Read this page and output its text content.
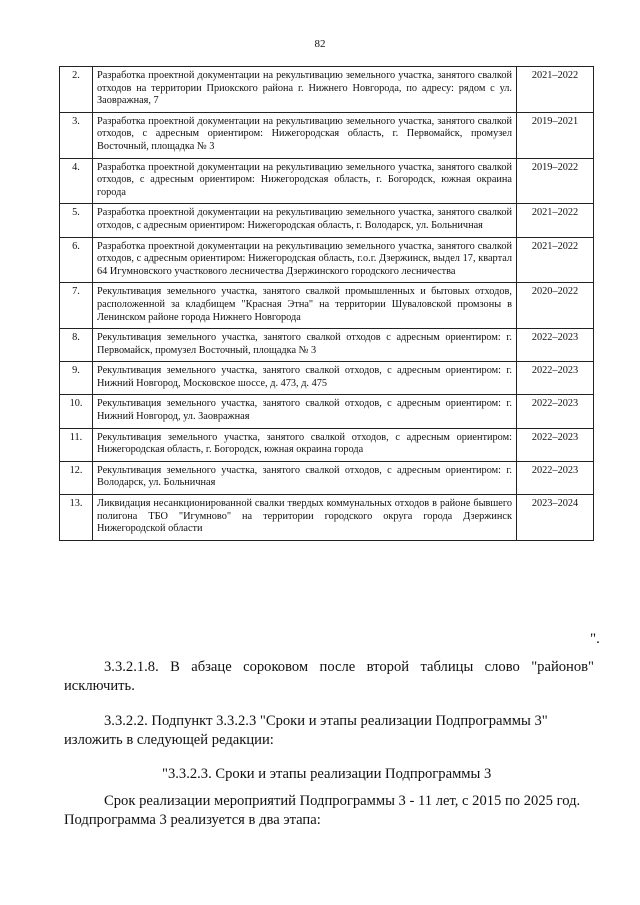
82
2.	Разработка проектной документации на рекультивацию земельного участка, занятого свалкой отходов на территории Приокского района г. Нижнего Новгорода, по адресу: рядом с ул. Заовражная, 7	2021–2022
3.	Разработка проектной документации на рекультивацию земельного участка, занятого свалкой отходов, с адресным ориентиром: Нижегородская область, г. Первомайск, промузел Восточный, площадка № 3	2019–2021
4.	Разработка проектной документации на рекультивацию земельного участка, занятого свалкой отходов, с адресным ориентиром: Нижегородская область, г. Богородск, южная окраина города	2019–2022
5.	Разработка проектной документации на рекультивацию земельного участка, занятого свалкой отходов, с адресным ориентиром: Нижегородская область, г. Володарск, ул. Больничная	2021–2022
6.	Разработка проектной документации на рекультивацию земельного участка, занятого свалкой отходов, с адресным ориентиром: Нижегородская область, г.о.г. Дзержинск, выдел 17, квартал 64 Игумновского участкового лесничества Дзержинского городского лесничества	2021–2022
7.	Рекультивация земельного участка, занятого свалкой промышленных и бытовых отходов, расположенной за кладбищем "Красная Этна" на территории Шуваловской промзоны в Ленинском районе города Нижнего Новгорода	2020–2022
8.	Рекультивация земельного участка, занятого свалкой отходов с адресным ориентиром: г. Первомайск, промузел Восточный, площадка № 3	2022–2023
9.	Рекультивация земельного участка, занятого свалкой отходов, с адресным ориентиром: г. Нижний Новгород, Московское шоссе, д. 473, д. 475	2022–2023
10.	Рекультивация земельного участка, занятого свалкой отходов, с адресным ориентиром: г. Нижний Новгород, ул. Заовражная	2022–2023
11.	Рекультивация земельного участка, занятого свалкой отходов, с адресным ориентиром: Нижегородская область, г. Богородск, южная окраина города	2022–2023
12.	Рекультивация земельного участка, занятого свалкой отходов, с адресным ориентиром: г. Володарск, ул. Больничная	2022–2023
13.	Ликвидация несанкционированной свалки твердых коммунальных отходов в районе бывшего полигона ТБО "Игумново" на территории городского округа города Дзержинск Нижегородской области	2023–2024
".
3.3.2.1.8. В абзаце сороковом после второй таблицы слово "районов" исключить.
3.3.2.2. Подпункт 3.3.2.3 "Сроки и этапы реализации Подпрограммы 3" изложить в следующей редакции:
"3.3.2.3. Сроки и этапы реализации Подпрограммы 3
Срок реализации мероприятий Подпрограммы 3 - 11 лет, с 2015 по 2025 год. Подпрограмма 3 реализуется в два этапа:
